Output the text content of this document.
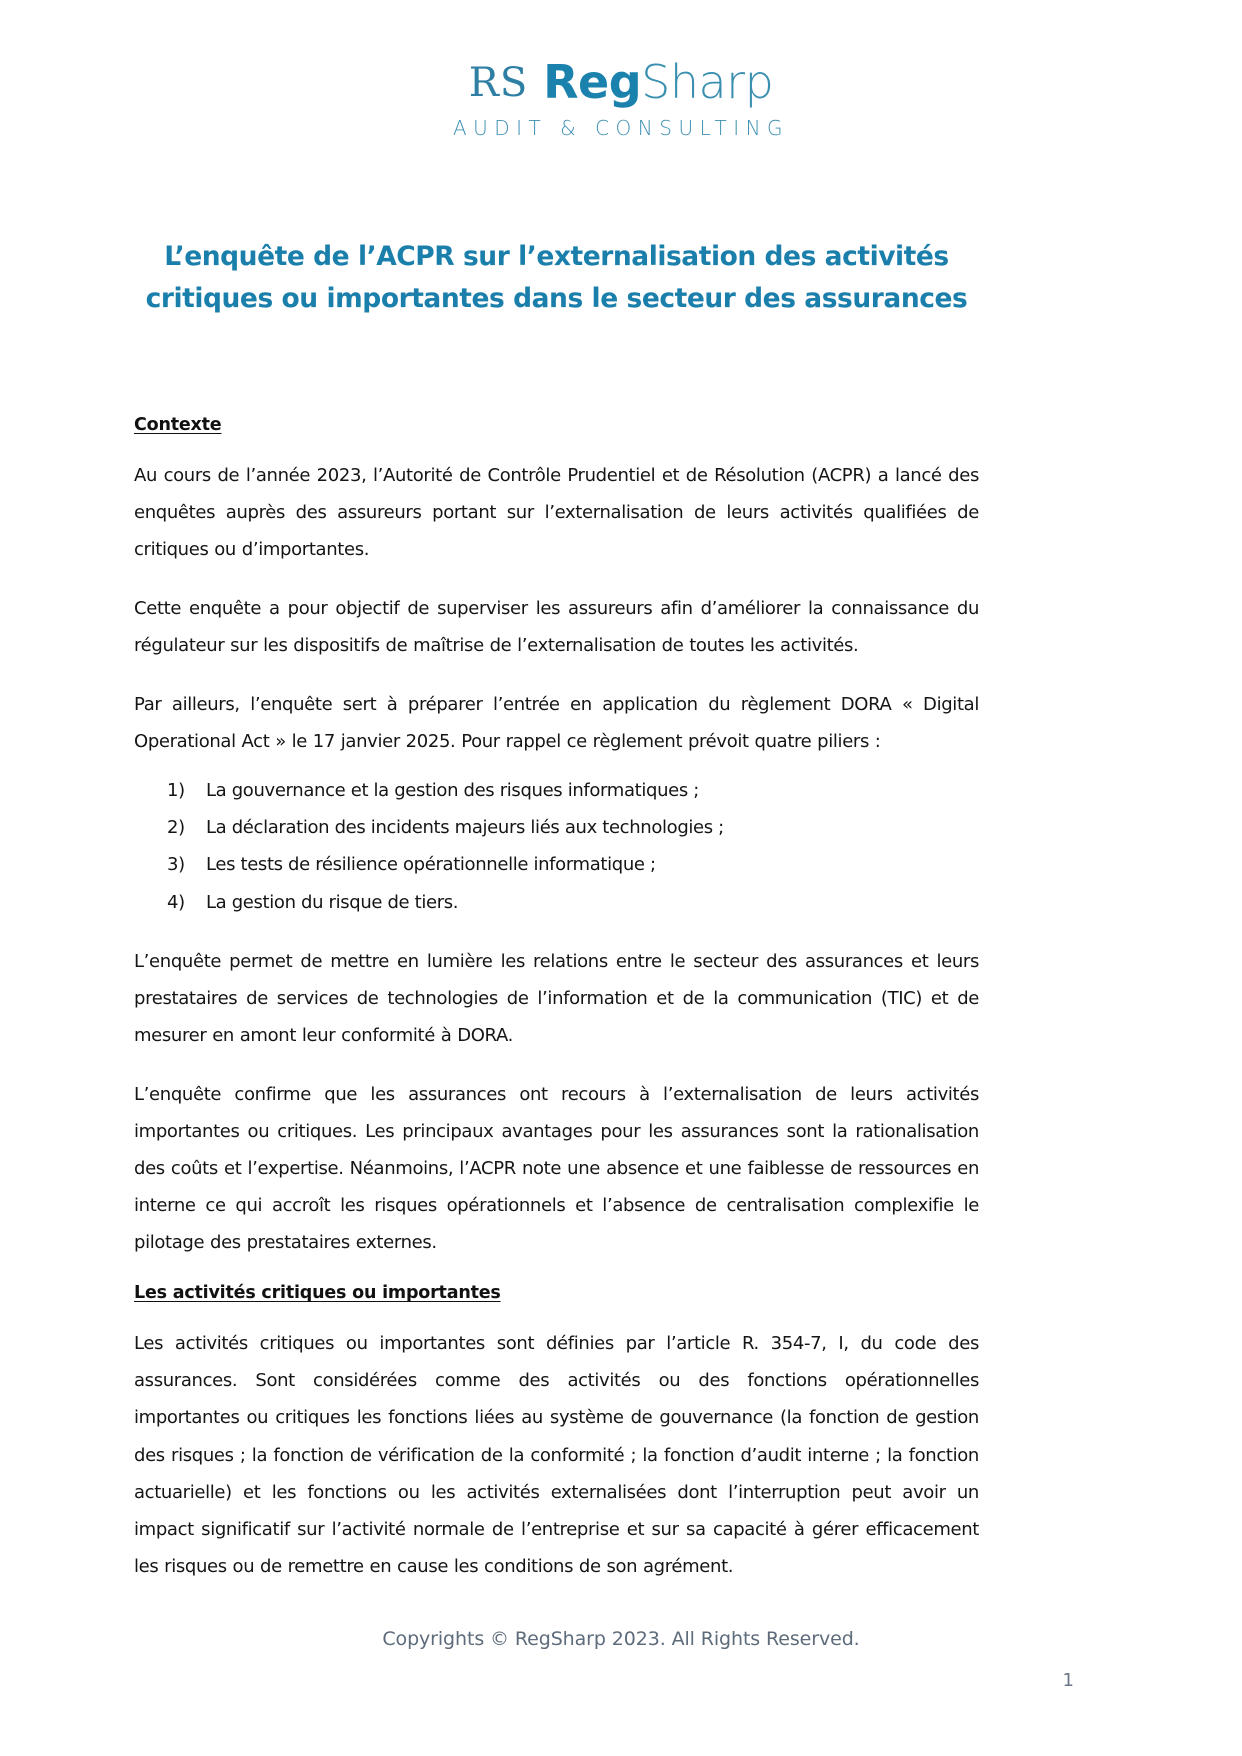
RS RegSharp
AUDIT & CONSULTING
L’enquête de l’ACPR sur l’externalisation des activités critiques ou importantes dans le secteur des assurances
Contexte

Au cours de l’année 2023, l’Autorité de Contrôle Prudentiel et de Résolution (ACPR) a lancé des enquêtes auprès des assureurs portant sur l’externalisation de leurs activités qualifiées de critiques ou d’importantes.

Cette enquête a pour objectif de superviser les assureurs afin d’améliorer la connaissance du régulateur sur les dispositifs de maîtrise de l’externalisation de toutes les activités.

Par ailleurs, l’enquête sert à préparer l’entrée en application du règlement DORA « Digital Operational Act » le 17 janvier 2025. Pour rappel ce règlement prévoit quatre piliers :

1) La gouvernance et la gestion des risques informatiques ;
2) La déclaration des incidents majeurs liés aux technologies ;
3) Les tests de résilience opérationnelle informatique ;
4) La gestion du risque de tiers.

L’enquête permet de mettre en lumière les relations entre le secteur des assurances et leurs prestataires de services de technologies de l’information et de la communication (TIC) et de mesurer en amont leur conformité à DORA.

L’enquête confirme que les assurances ont recours à l’externalisation de leurs activités importantes ou critiques. Les principaux avantages pour les assurances sont la rationalisation des coûts et l’expertise. Néanmoins, l’ACPR note une absence et une faiblesse de ressources en interne ce qui accroît les risques opérationnels et l’absence de centralisation complexifie le pilotage des prestataires externes.

Les activités critiques ou importantes

Les activités critiques ou importantes sont définies par l’article R. 354-7, I, du code des assurances. Sont considérées comme des activités ou des fonctions opérationnelles importantes ou critiques les fonctions liées au système de gouvernance (la fonction de gestion des risques ; la fonction de vérification de la conformité ; la fonction d’audit interne ; la fonction actuarielle) et les fonctions ou les activités externalisées dont l’interruption peut avoir un impact significatif sur l’activité normale de l’entreprise et sur sa capacité à gérer efficacement les risques ou de remettre en cause les conditions de son agrément.

Copyrights © RegSharp 2023. All Rights Reserved.
1
